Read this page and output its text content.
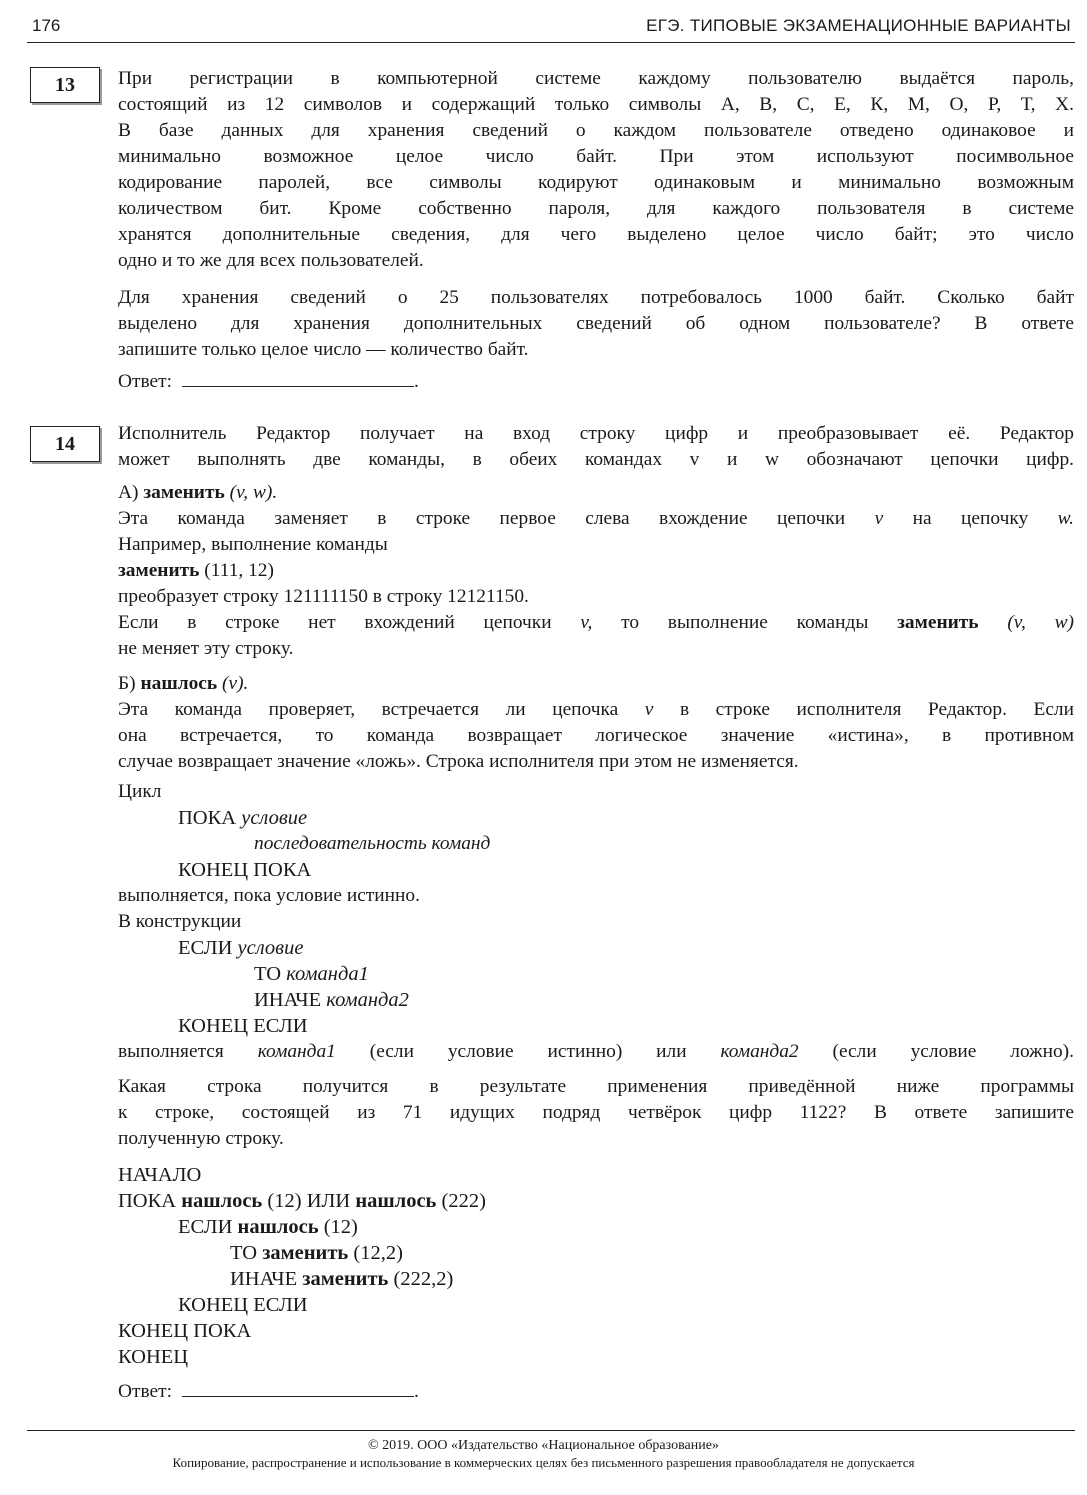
176	ЕГЭ. ТИПОВЫЕ ЭКЗАМЕНАЦИОННЫЕ ВАРИАНТЫ
13	При регистрации в компьютерной системе каждому пользователю выдаётся пароль,

состоящий из 12 символов и содержащий только символы А, В, С, Е, К, М, О, Р, Т, Х.

В базе данных для хранения сведений о каждом пользователе отведено одинаковое и

минимально возможное целое число байт. При этом используют посимвольное

кодирование паролей, все символы кодируют одинаковым и минимально возможным

количеством бит. Кроме собственно пароля, для каждого пользователя в системе

хранятся дополнительные сведения, для чего выделено целое число байт; это число

одно и то же для всех пользователей.

Для хранения сведений о 25 пользователях потребовалось 1000 байт. Сколько байт

выделено для хранения дополнительных сведений об одном пользователе? В ответе

запишите только целое число — количество байт.

Ответ:	.

14	Исполнитель Редактор получает на вход строку цифр и преобразовывает её. Редактор

может выполнять две команды, в обеих командах v и w обозначают цепочки цифр.

А) заменить (v, w).

Эта команда заменяет в строке первое слева вхождение цепочки v на цепочку w.

Например, выполнение команды

заменить (111, 12)

преобразует строку 121111150 в строку 12121150.

Если в строке нет вхождений цепочки v, то выполнение команды заменить (v, w)

не меняет эту строку.

Б) нашлось (v).

Эта команда проверяет, встречается ли цепочка v в строке исполнителя Редактор. Если

она встречается, то команда возвращает логическое значение «истина», в противном

случае возвращает значение «ложь». Строка исполнителя при этом не изменяется.

Цикл

ПОКА условие

последовательность команд

КОНЕЦ ПОКА

выполняется, пока условие истинно.

В конструкции

ЕСЛИ условие

ТО команда1

ИНАЧЕ команда2

КОНЕЦ ЕСЛИ

выполняется команда1 (если условие истинно) или команда2 (если условие ложно).

Какая строка получится в результате применения приведённой ниже программы

к строке, состоящей из 71 идущих подряд четвёрок цифр 1122? В ответе запишите

полученную строку.

НАЧАЛО

ПОКА нашлось (12) ИЛИ нашлось (222)

ЕСЛИ нашлось (12)

ТО заменить (12,2)

ИНАЧЕ заменить (222,2)

КОНЕЦ ЕСЛИ

КОНЕЦ ПОКА

КОНЕЦ

Ответ:	.

© 2019. ООО «Издательство «Национальное образование»
Копирование, распространение и использование в коммерческих целях без письменного разрешения правообладателя не допускается
